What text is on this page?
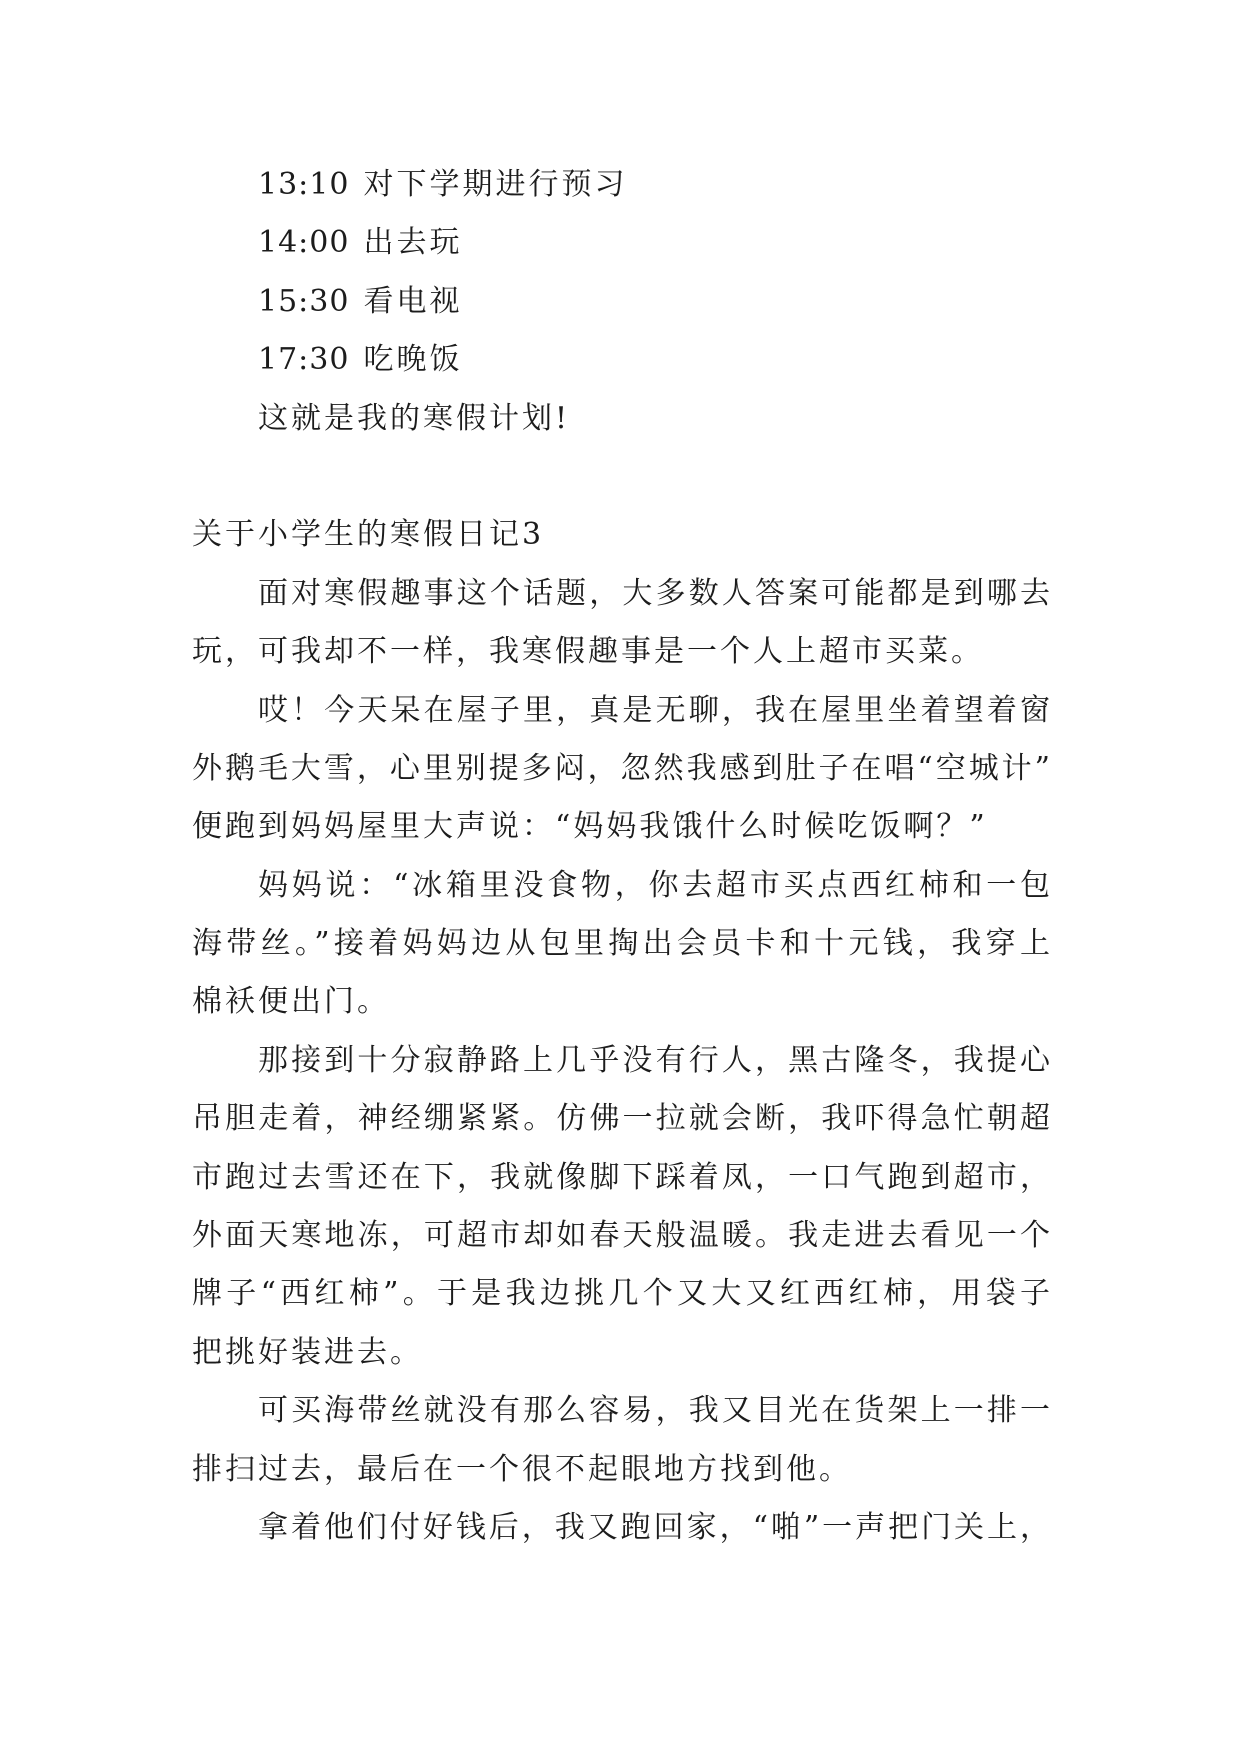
13:10 对下学期进行预习
14:00 出去玩
15:30 看电视
17:30 吃晚饭
这就是我的寒假计划!
关于小学生的寒假日记3
面对寒假趣事这个话题，大多数人答案可能都是到哪去
玩，可我却不一样，我寒假趣事是一个人上超市买菜。
哎！今天呆在屋子里，真是无聊，我在屋里坐着望着窗
外鹅毛大雪，心里别提多闷，忽然我感到肚子在唱“空城计”
便跑到妈妈屋里大声说：“妈妈我饿什么时候吃饭啊？”
妈妈说：“冰箱里没食物，你去超市买点西红柿和一包
海带丝。”接着妈妈边从包里掏出会员卡和十元钱，我穿上
棉袄便出门。
那接到十分寂静路上几乎没有行人，黑古隆冬，我提心
吊胆走着，神经绷紧紧。仿佛一拉就会断，我吓得急忙朝超
市跑过去雪还在下，我就像脚下踩着凤，一口气跑到超市，
外面天寒地冻，可超市却如春天般温暖。我走进去看见一个
牌子“西红柿”。于是我边挑几个又大又红西红柿，用袋子
把挑好装进去。
可买海带丝就没有那么容易，我又目光在货架上一排一
排扫过去，最后在一个很不起眼地方找到他。
拿着他们付好钱后，我又跑回家，“啪”一声把门关上，
